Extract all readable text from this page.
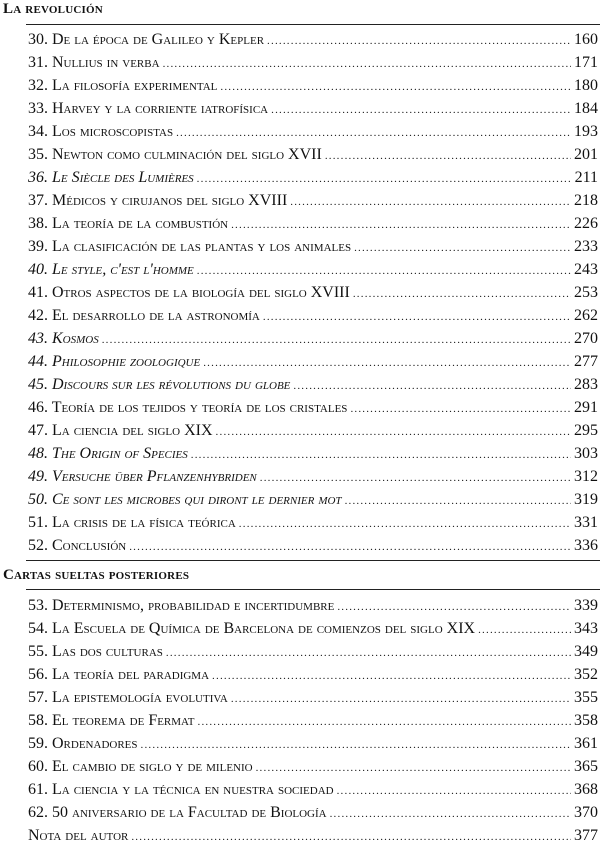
La revolución
30. De la época de Galileo y Kepler .....	160
31. Nullius in verba .....	171
32. La filosofía experimental .....	180
33. Harvey y la corriente iatrofísica .....	184
34. Los microscopistas .....	193
35. Newton como culminación del siglo XVII .....	201
36. Le Siècle des Lumières .....	211
37. Médicos y cirujanos del siglo XVIII .....	218
38. La teoría de la combustión .....	226
39. La clasificación de las plantas y los animales .....	233
40. Le style, c'est l'homme .....	243
41. Otros aspectos de la biología del siglo XVIII .....	253
42. El desarrollo de la astronomía .....	262
43. Kosmos .....	270
44. Philosophie zoologique .....	277
45. Discours sur les révolutions du globe .....	283
46. Teoría de los tejidos y teoría de los cristales .....	291
47. La ciencia del siglo XIX .....	295
48. The Origin of Species .....	303
49. Versuche über Pflanzenhybriden .....	312
50. Ce sont les microbes qui diront le dernier mot .....	319
51. La crisis de la física teórica .....	331
52. Conclusión .....	336
Cartas sueltas posteriores
53. Determinismo, probabilidad e incertidumbre .....	339
54. La Escuela de Química de Barcelona de comienzos del siglo XIX .....	343
55. Las dos culturas .....	349
56. La teoría del paradigma .....	352
57. La epistemología evolutiva .....	355
58. El teorema de Fermat .....	358
59. Ordenadores .....	361
60. El cambio de siglo y de milenio .....	365
61. La ciencia y la técnica en nuestra sociedad .....	368
62. 50 aniversario de la Facultad de Biología .....	370
Nota del autor .....	377
